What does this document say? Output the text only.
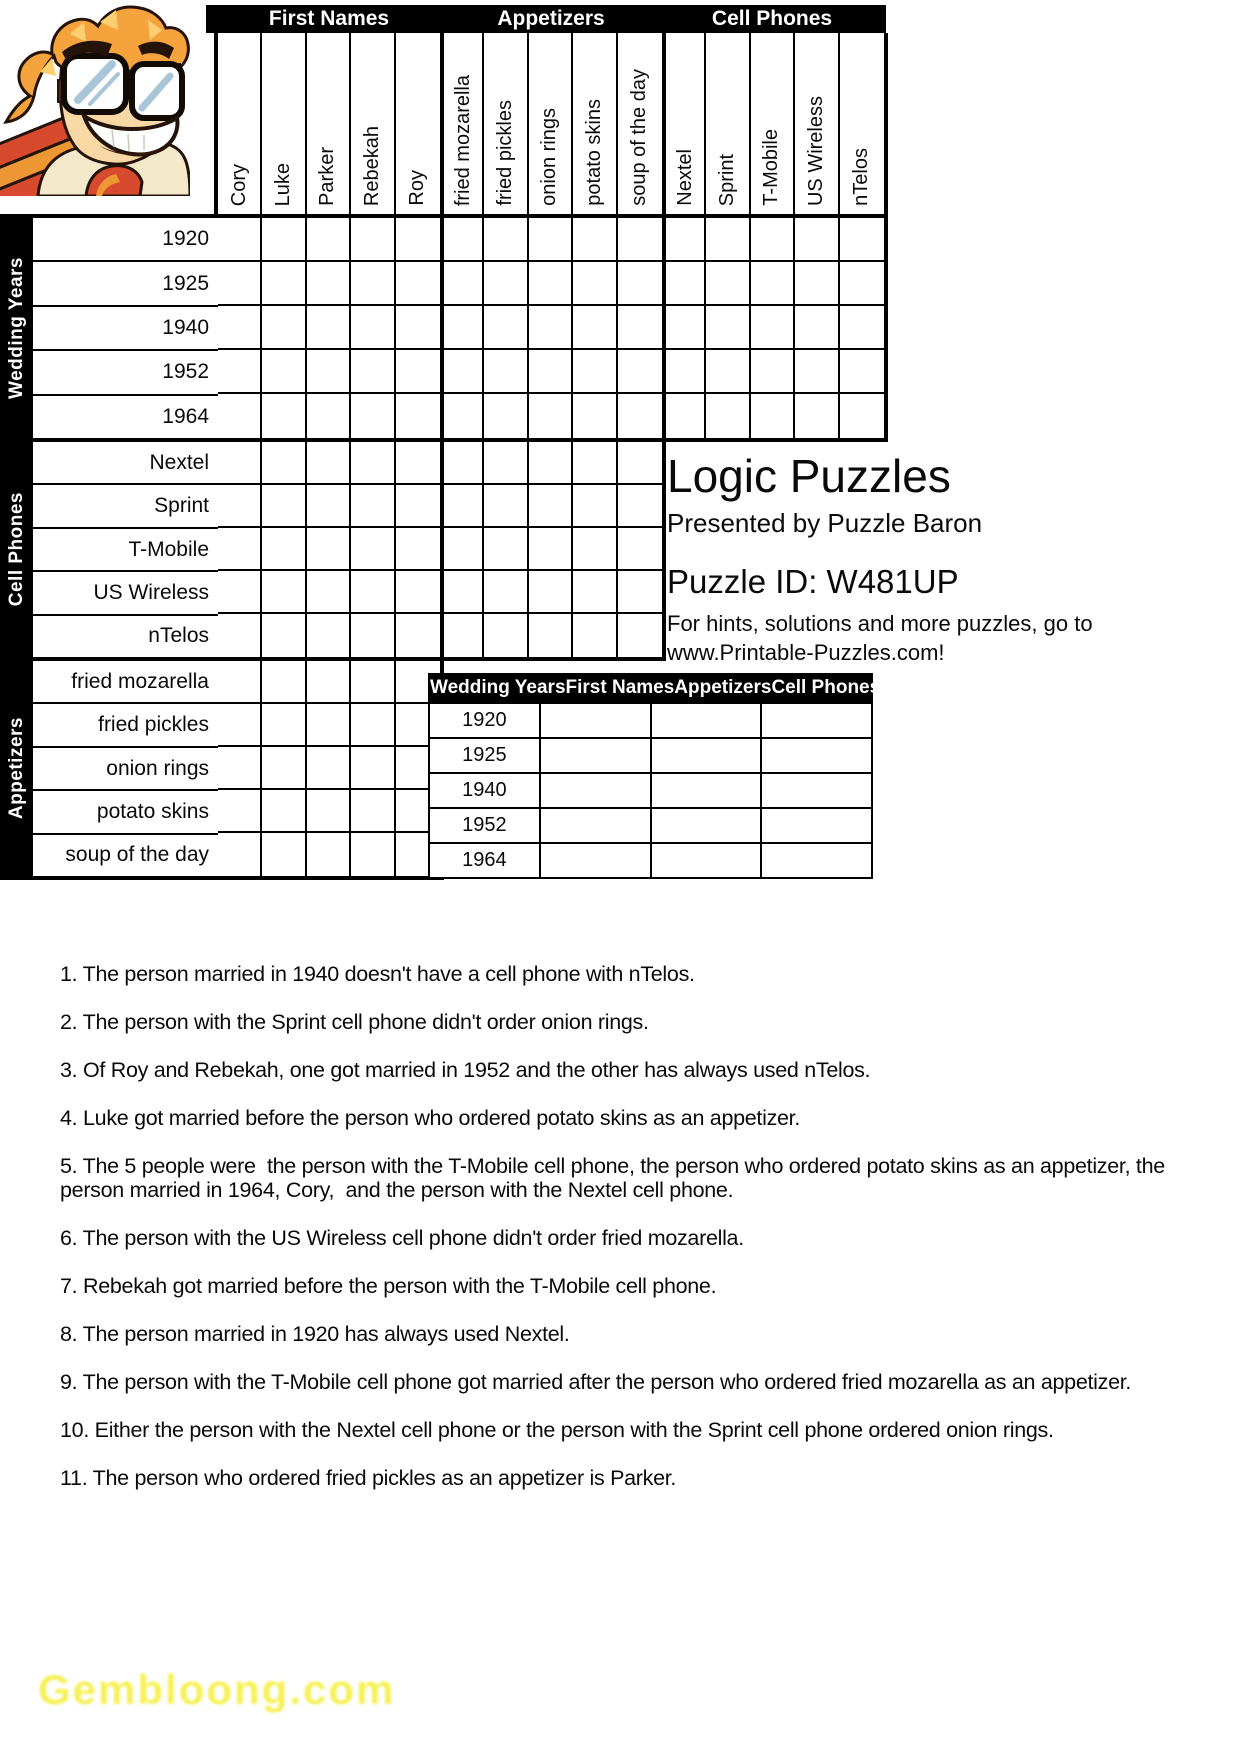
First Names	Appetizers	Cell Phones
Cory Luke Parker Rebekah Roy fried mozarella fried pickles onion rings potato skins soup of the day Nextel Sprint T-Mobile US Wireless nTelos
Wedding Years
1920
1925
1940
1952
1964
Cell Phones
Nextel
Sprint
T-Mobile
US Wireless
nTelos
Appetizers
fried mozarella
fried pickles
onion rings
potato skins
soup of the day
Logic Puzzles
Presented by Puzzle Baron
Puzzle ID: W481UP
For hints, solutions and more puzzles, go to
www.Printable-Puzzles.com!
Wedding Years First Names Appetizers Cell Phones
1920
1925
1940
1952
1964

1. The person married in 1940 doesn't have a cell phone with nTelos.

2. The person with the Sprint cell phone didn't order onion rings.

3. Of Roy and Rebekah, one got married in 1952 and the other has always used nTelos.

4. Luke got married before the person who ordered potato skins as an appetizer.

5. The 5 people were  the person with the T-Mobile cell phone, the person who ordered potato skins as an appetizer, the person married in 1964, Cory,  and the person with the Nextel cell phone.

6. The person with the US Wireless cell phone didn't order fried mozarella.

7. Rebekah got married before the person with the T-Mobile cell phone.

8. The person married in 1920 has always used Nextel.

9. The person with the T-Mobile cell phone got married after the person who ordered fried mozarella as an appetizer.

10. Either the person with the Nextel cell phone or the person with the Sprint cell phone ordered onion rings.

11. The person who ordered fried pickles as an appetizer is Parker.

Gembloong.com
